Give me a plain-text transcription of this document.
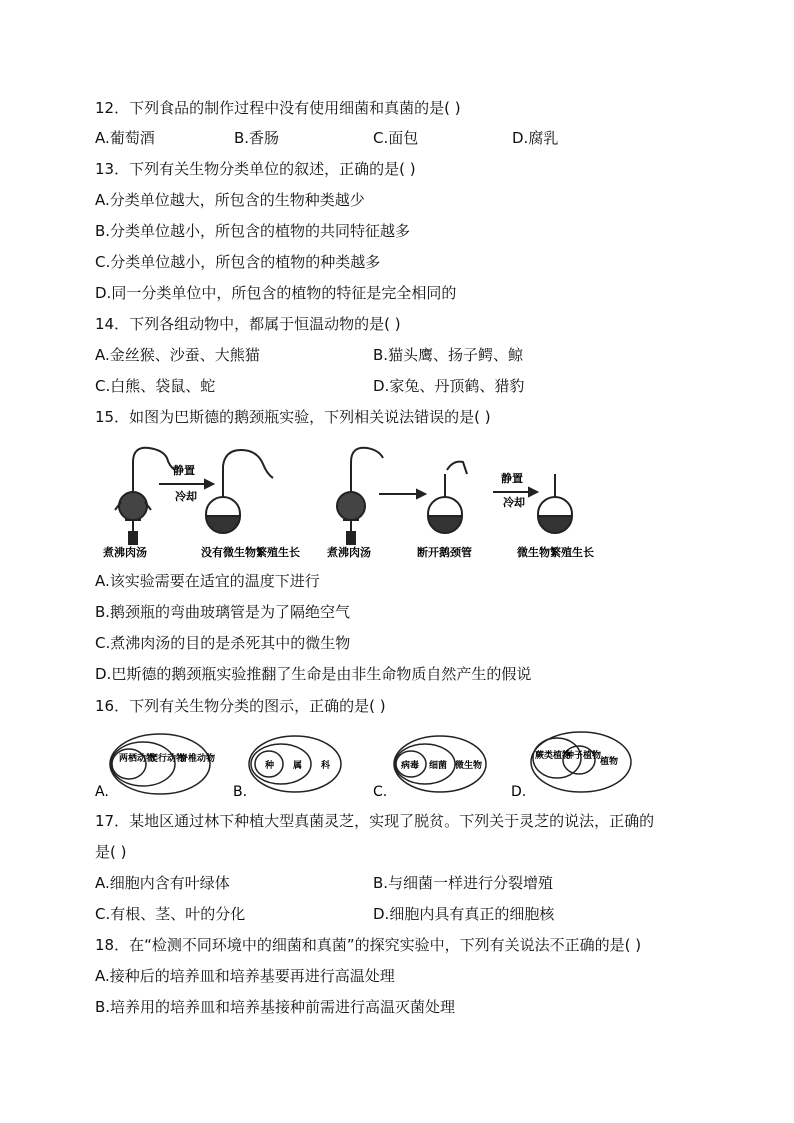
12．下列食品的制作过程中没有使用细菌和真菌的是( )
A.葡萄酒	B.香肠	C.面包	D.腐乳
13．下列有关生物分类单位的叙述，正确的是( )
A.分类单位越大，所包含的生物种类越少
B.分类单位越小，所包含的植物的共同特征越多
C.分类单位越小，所包含的植物的种类越多
D.同一分类单位中，所包含的植物的特征是完全相同的
14．下列各组动物中，都属于恒温动物的是( )
A.金丝猴、沙蚕、大熊猫	B.猫头鹰、扬子鳄、鲸
C.白熊、袋鼠、蛇	D.家兔、丹顶鹤、猎豹
15．如图为巴斯德的鹅颈瓶实验，下列相关说法错误的是( )
静置
冷却
静置
冷却
煮沸肉汤	没有微生物繁殖生长 煮沸肉汤	断开鹅颈管	微生物繁殖生长
A.该实验需要在适宜的温度下进行
B.鹅颈瓶的弯曲玻璃管是为了隔绝空气
C.煮沸肉汤的目的是杀死其中的微生物
D.巴斯德的鹅颈瓶实验推翻了生命是由非生命物质自然产生的假说
16．下列有关生物分类的图示，正确的是( )
两栖动物
爬行动物
脊椎动物
A.
种 属 科
B.
病毒 细菌 微生物
C.
蕨类植物
种子植物
植物
D.
17．某地区通过林下种植大型真菌灵芝，实现了脱贫。下列关于灵芝的说法，正确的
是( )
A.细胞内含有叶绿体	B.与细菌一样进行分裂增殖
C.有根、茎、叶的分化	D.细胞内具有真正的细胞核
18．在“检测不同环境中的细菌和真菌”的探究实验中，下列有关说法不正确的是( )
A.接种后的培养皿和培养基要再进行高温处理
B.培养用的培养皿和培养基接种前需进行高温灭菌处理
